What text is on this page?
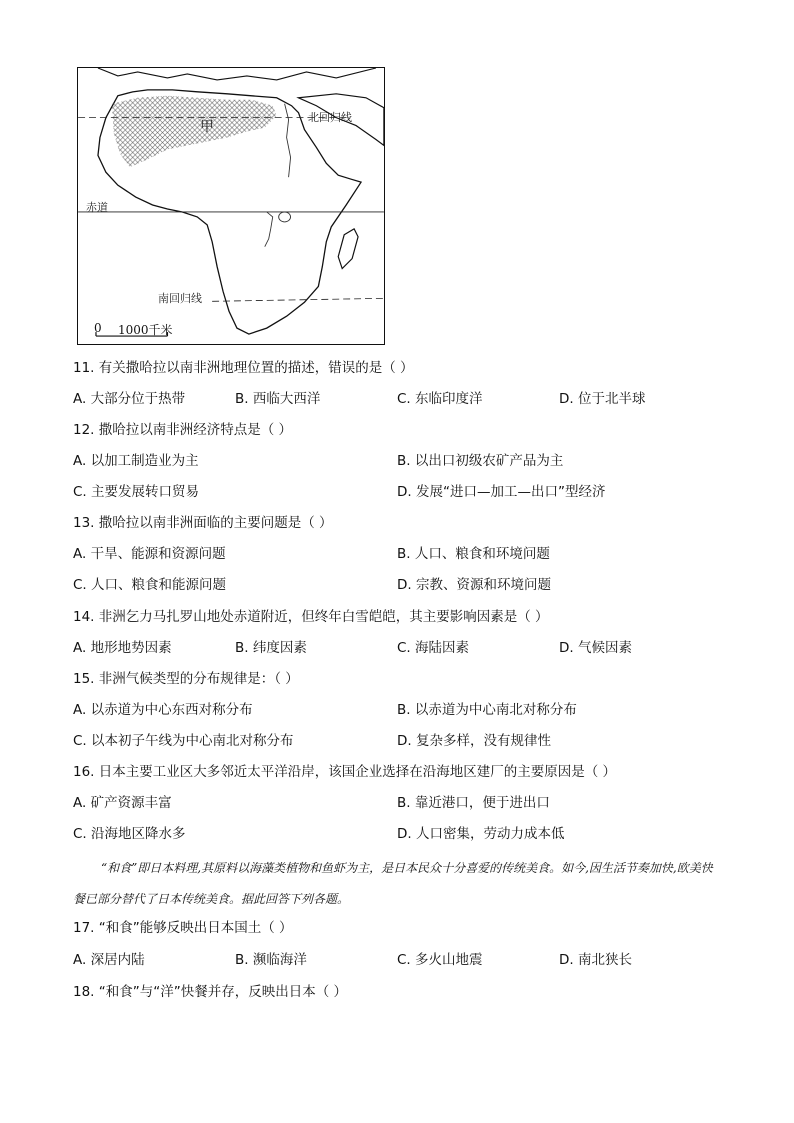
甲
北回归线
赤道
南回归线
0 1000千米
11. 有关撒哈拉以南非洲地理位置的描述，错误的是（ ）
A. 大部分位于热带	B. 西临大西洋	C. 东临印度洋	D. 位于北半球
12. 撒哈拉以南非洲经济特点是（ ）
A. 以加工制造业为主	B. 以出口初级农矿产品为主
C. 主要发展转口贸易	D. 发展“进口—加工—出口”型经济
13. 撒哈拉以南非洲面临的主要问题是（ ）
A. 干旱、能源和资源问题	B. 人口、粮食和环境问题
C. 人口、粮食和能源问题	D. 宗教、资源和环境问题
14. 非洲乞力马扎罗山地处赤道附近，但终年白雪皑皑，其主要影响因素是（ ）
A. 地形地势因素	B. 纬度因素	C. 海陆因素	D. 气候因素
15. 非洲气候类型的分布规律是：（ ）
A. 以赤道为中心东西对称分布	B. 以赤道为中心南北对称分布
C. 以本初子午线为中心南北对称分布	D. 复杂多样，没有规律性
16. 日本主要工业区大多邻近太平洋沿岸，该国企业选择在沿海地区建厂的主要原因是（ ）
A. 矿产资源丰富	B. 靠近港口，便于进出口
C. 沿海地区降水多	D. 人口密集，劳动力成本低
“和食”即日本料理,其原料以海藻类植物和鱼虾为主，是日本民众十分喜爱的传统美食。如今,因生活节奏加快,欧美快餐已部分替代了日本传统美食。据此回答下列各题。
17. “和食”能够反映出日本国土（ ）
A. 深居内陆	B. 濒临海洋	C. 多火山地震	D. 南北狭长
18. “和食”与“洋”快餐并存，反映出日本（ ）
